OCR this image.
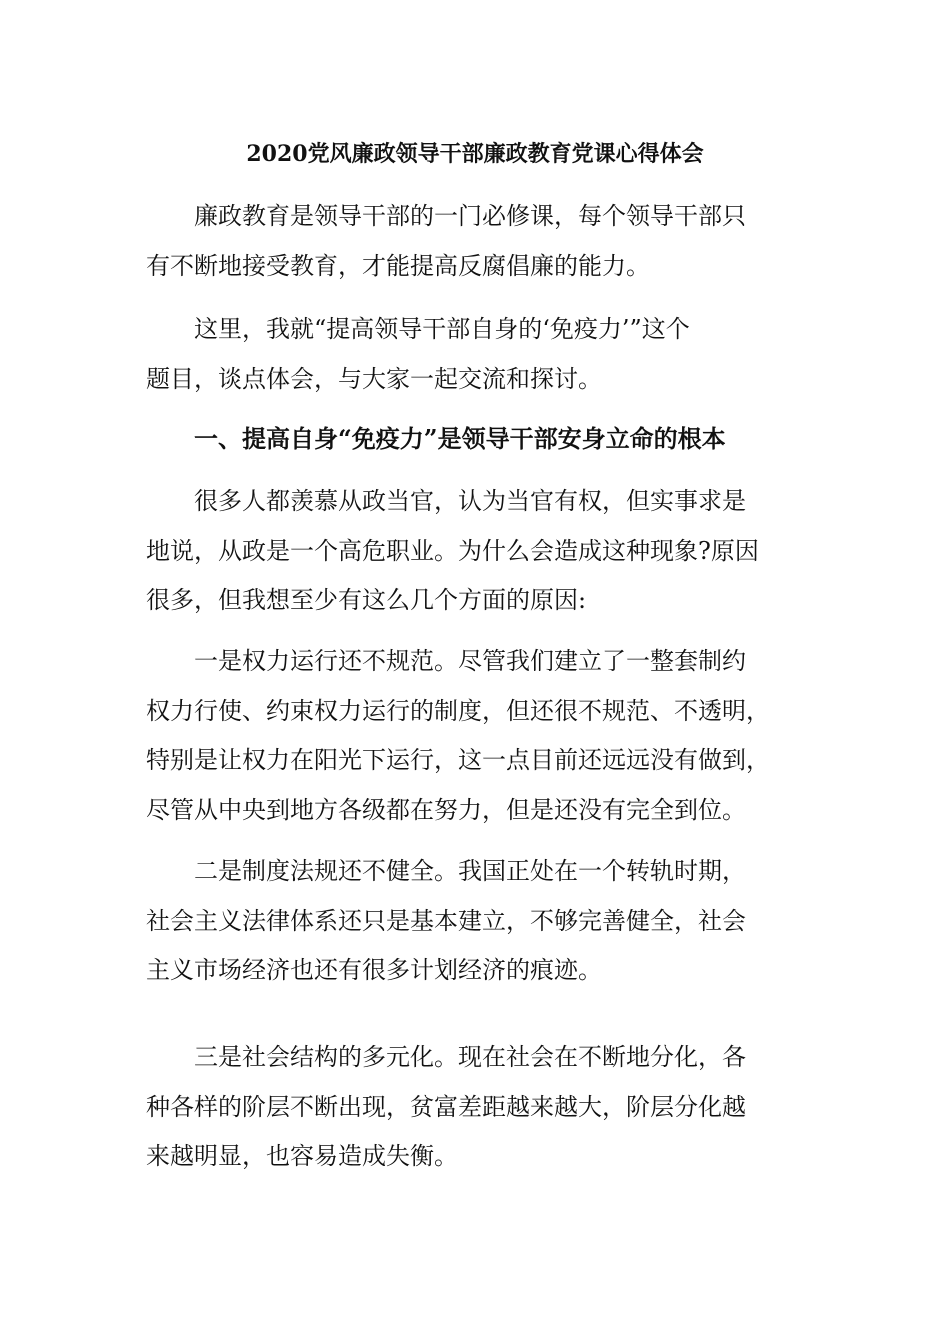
2020党风廉政领导干部廉政教育党课心得体会

廉政教育是领导干部的一门必修课，每个领导干部只
有不断地接受教育，才能提高反腐倡廉的能力。

这里，我就“提高领导干部自身的‘免疫力’”这个
题目，谈点体会，与大家一起交流和探讨。

一、提高自身“免疫力”是领导干部安身立命的根本

很多人都羡慕从政当官，认为当官有权，但实事求是
地说，从政是一个高危职业。为什么会造成这种现象?原因
很多，但我想至少有这么几个方面的原因:

一是权力运行还不规范。尽管我们建立了一整套制约
权力行使、约束权力运行的制度，但还很不规范、不透明，
特别是让权力在阳光下运行，这一点目前还远远没有做到，
尽管从中央到地方各级都在努力，但是还没有完全到位。

二是制度法规还不健全。我国正处在一个转轨时期，
社会主义法律体系还只是基本建立，不够完善健全，社会
主义市场经济也还有很多计划经济的痕迹。

三是社会结构的多元化。现在社会在不断地分化，各
种各样的阶层不断出现，贫富差距越来越大，阶层分化越
来越明显，也容易造成失衡。
